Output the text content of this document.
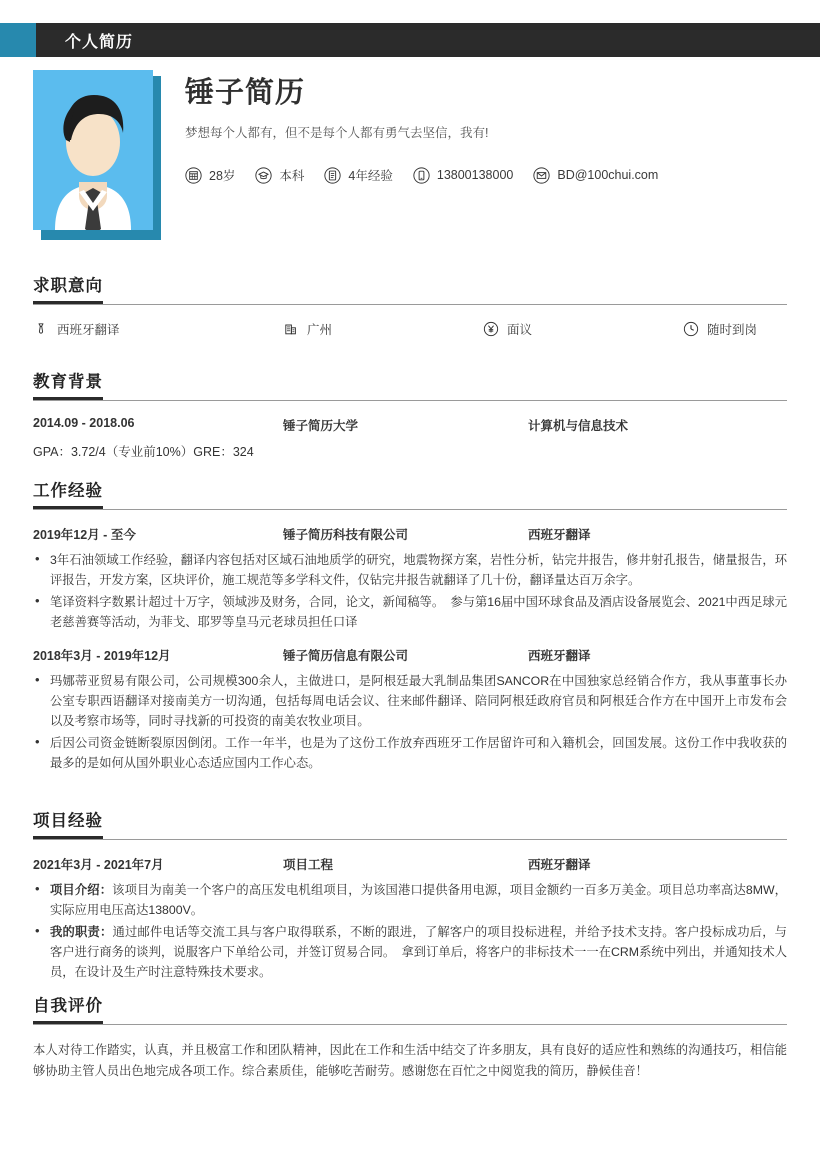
个人简历
锤子简历
梦想每个人都有，但不是每个人都有勇气去坚信，我有!
28岁	本科	4年经验	13800138000	BD@100chui.com
求职意向
西班牙翻译	广州	面议	随时到岗
教育背景
2014.09 - 2018.06	锤子简历大学	计算机与信息技术
GPA：3.72/4（专业前10%）GRE：324
工作经验
2019年12月 - 至今	锤子简历科技有限公司	西班牙翻译
• 3年石油领域工作经验，翻译内容包括对区域石油地质学的研究，地震物探方案，岩性分析，钻完井报告，修井射孔报告，储量报告，环评报告，开发方案，区块评价，施工规范等多学科文件，仅钻完井报告就翻译了几十份，翻译量达百万余字。
• 笔译资料字数累计超过十万字，领域涉及财务，合同，论文，新闻稿等。　参与第16届中国环球食品及酒店设备展览会、2021中西足球元老慈善赛等活动，为菲戈、耶罗等皇马元老球员担任口译
2018年3月 - 2019年12月	锤子简历信息有限公司	西班牙翻译
• 玛娜蒂亚贸易有限公司，公司规模300余人，主做进口，是阿根廷最大乳制品集团SANCOR在中国独家总经销合作方，我从事董事长办公室专职西语翻译对接南美方一切沟通，包括每周电话会议、往来邮件翻译、陪同阿根廷政府官员和阿根廷合作方在中国开上市发布会以及考察市场等，同时寻找新的可投资的南美农牧业项目。
• 后因公司资金链断裂原因倒闭。工作一年半，也是为了这份工作放弃西班牙工作居留许可和入籍机会，回国发展。这份工作中我收获的最多的是如何从国外职业心态适应国内工作心态。
项目经验
2021年3月 - 2021年7月	项目工程	西班牙翻译
• 项目介绍：该项目为南美一个客户的高压发电机组项目，为该国港口提供备用电源，项目金额约一百多万美金。项目总功率高达8MW，实际应用电压高达13800V。
• 我的职责：通过邮件电话等交流工具与客户取得联系，不断的跟进，了解客户的项目投标进程，并给予技术支持。客户投标成功后，与客户进行商务的谈判，说服客户下单给公司，并签订贸易合同。　拿到订单后，将客户的非标技术一一在CRM系统中列出，并通知技术人员，在设计及生产时注意特殊技术要求。
自我评价
本人对待工作踏实，认真，并且极富工作和团队精神，因此在工作和生活中结交了许多朋友，具有良好的适应性和熟练的沟通技巧，相信能够协助主管人员出色地完成各项工作。综合素质佳，能够吃苦耐劳。感谢您在百忙之中阅览我的简历，静候佳音！
